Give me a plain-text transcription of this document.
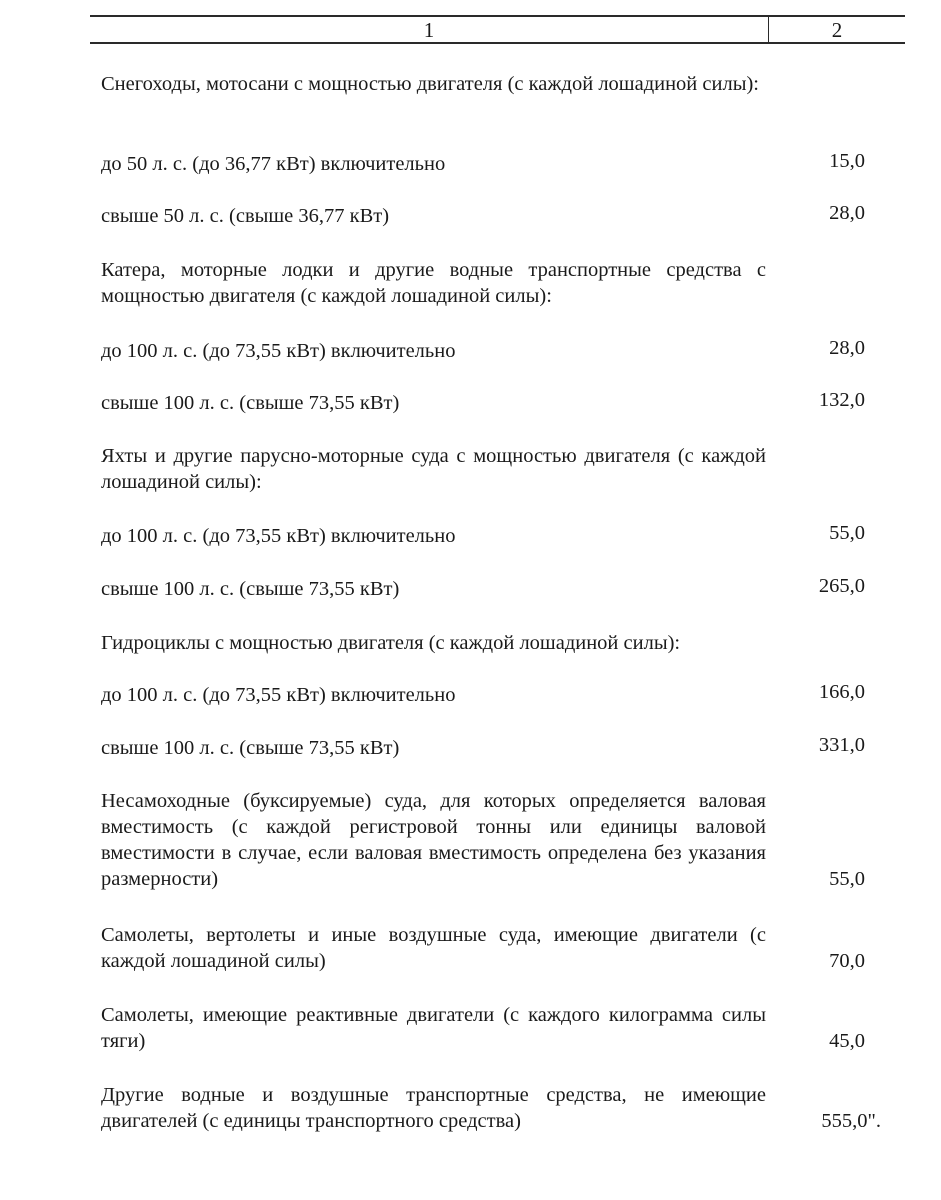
1	2
Снегоходы, мотосани с мощностью двигателя (с каждой лошадиной силы):
до 50 л. с. (до 36,77 кВт) включительно	15,0
свыше 50 л. с. (свыше 36,77 кВт)	28,0
Катера, моторные лодки и другие водные транспортные средства с мощностью двигателя (с каждой лошадиной силы):
до 100 л. с. (до 73,55 кВт) включительно	28,0
свыше 100 л. с. (свыше 73,55 кВт)	132,0
Яхты и другие парусно-моторные суда с мощностью двигателя (с каждой лошадиной силы):
до 100 л. с. (до 73,55 кВт) включительно	55,0
свыше 100 л. с. (свыше 73,55 кВт)	265,0
Гидроциклы с мощностью двигателя (с каждой лошадиной силы):
до 100 л. с. (до 73,55 кВт) включительно	166,0
свыше 100 л. с. (свыше 73,55 кВт)	331,0
Несамоходные (буксируемые) суда, для которых определяется валовая вместимость (с каждой регистровой тонны или единицы валовой вместимости в случае, если валовая вместимость определена без указания размерности)	55,0
Самолеты, вертолеты и иные воздушные суда, имеющие двигатели (с каждой лошадиной силы)	70,0
Самолеты, имеющие реактивные двигатели (с каждого килограмма силы тяги)	45,0
Другие водные и воздушные транспортные средства, не имеющие двигателей (с единицы транспортного средства)	555,0".
